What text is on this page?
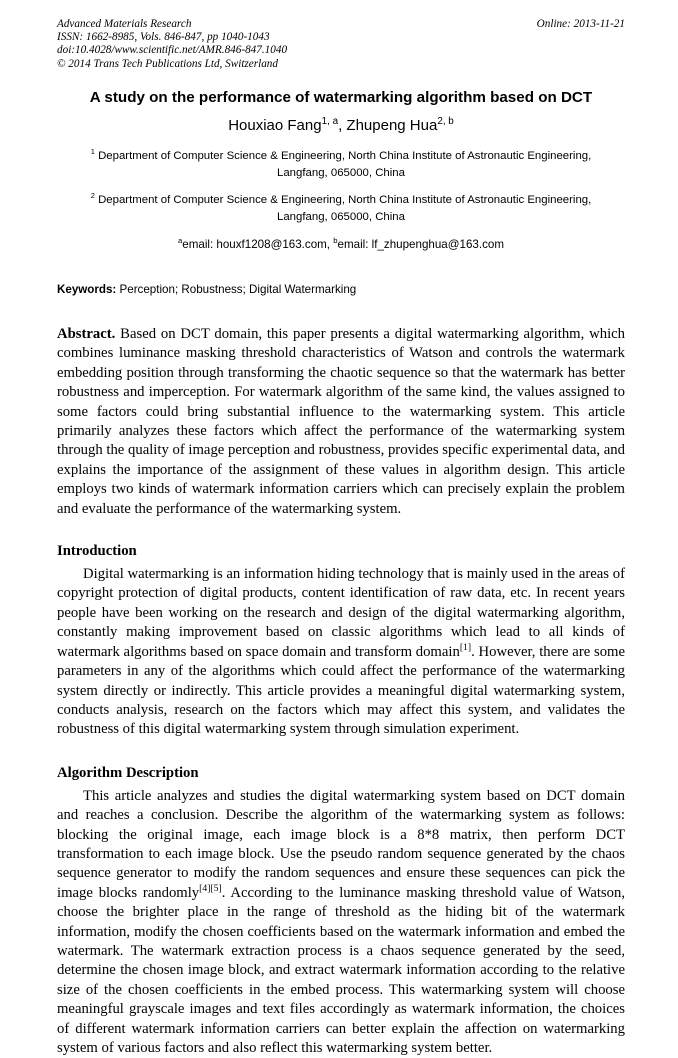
Advanced Materials Research
ISSN: 1662-8985, Vols. 846-847, pp 1040-1043
doi:10.4028/www.scientific.net/AMR.846-847.1040
© 2014 Trans Tech Publications Ltd, Switzerland
Online: 2013-11-21
A study on the performance of watermarking algorithm based on DCT
Houxiao Fang$^{1, a}$, Zhupeng Hua$^{2, b}$
$^1$ Department of Computer Science & Engineering, North China Institute of Astronautic Engineering,
Langfang, 065000, China
$^2$ Department of Computer Science & Engineering, North China Institute of Astronautic Engineering,
Langfang, 065000, China
$^a$email: houxf1208@163.com, $^b$email: lf_zhupenghua@163.com
Keywords: Perception; Robustness; Digital Watermarking

Abstract. Based on DCT domain, this paper presents a digital watermarking algorithm, which combines luminance masking threshold characteristics of Watson and controls the watermark embedding position through transforming the chaotic sequence so that the watermark has better robustness and imperception. For watermark algorithm of the same kind, the values assigned to some factors could bring substantial influence to the watermarking system. This article primarily analyzes these factors which affect the performance of the watermarking system through the quality of image perception and robustness, provides specific experimental data, and explains the importance of the assignment of these values in algorithm design. This article employs two kinds of watermark information carriers which can precisely explain the problem and evaluate the performance of the watermarking system.

Introduction

Digital watermarking is an information hiding technology that is mainly used in the areas of copyright protection of digital products, content identification of raw data, etc. In recent years people have been working on the research and design of the digital watermarking algorithm, constantly making improvement based on classic algorithms which lead to all kinds of watermark algorithms based on space domain and transform domain[1]. However, there are some parameters in any of the algorithms which could affect the performance of the watermarking system directly or indirectly. This article provides a meaningful digital watermarking system, conducts analysis, research on the factors which may affect this system, and validates the robustness of this digital watermarking system through simulation experiment.

Algorithm Description

This article analyzes and studies the digital watermarking system based on DCT domain and reaches a conclusion. Describe the algorithm of the watermarking system as follows: blocking the original image, each image block is a 8*8 matrix, then perform DCT transformation to each image block. Use the pseudo random sequence generated by the chaos sequence generator to modify the random sequences and ensure these sequences can pick the image blocks randomly[4][5]. According to the luminance masking threshold value of Watson, choose the brighter place in the range of threshold as the hiding bit of the watermark information, modify the chosen coefficients based on the watermark information and embed the watermark. The watermark extraction process is a chaos sequence generated by the seed, determine the chosen image block, and extract watermark information according to the relative size of the chosen coefficients in the embed process. This watermarking system will choose meaningful grayscale images and text files accordingly as watermark information, the choices of different watermark information carriers can better explain the affection on watermarking system of various factors and also reflect this watermarking system better.
